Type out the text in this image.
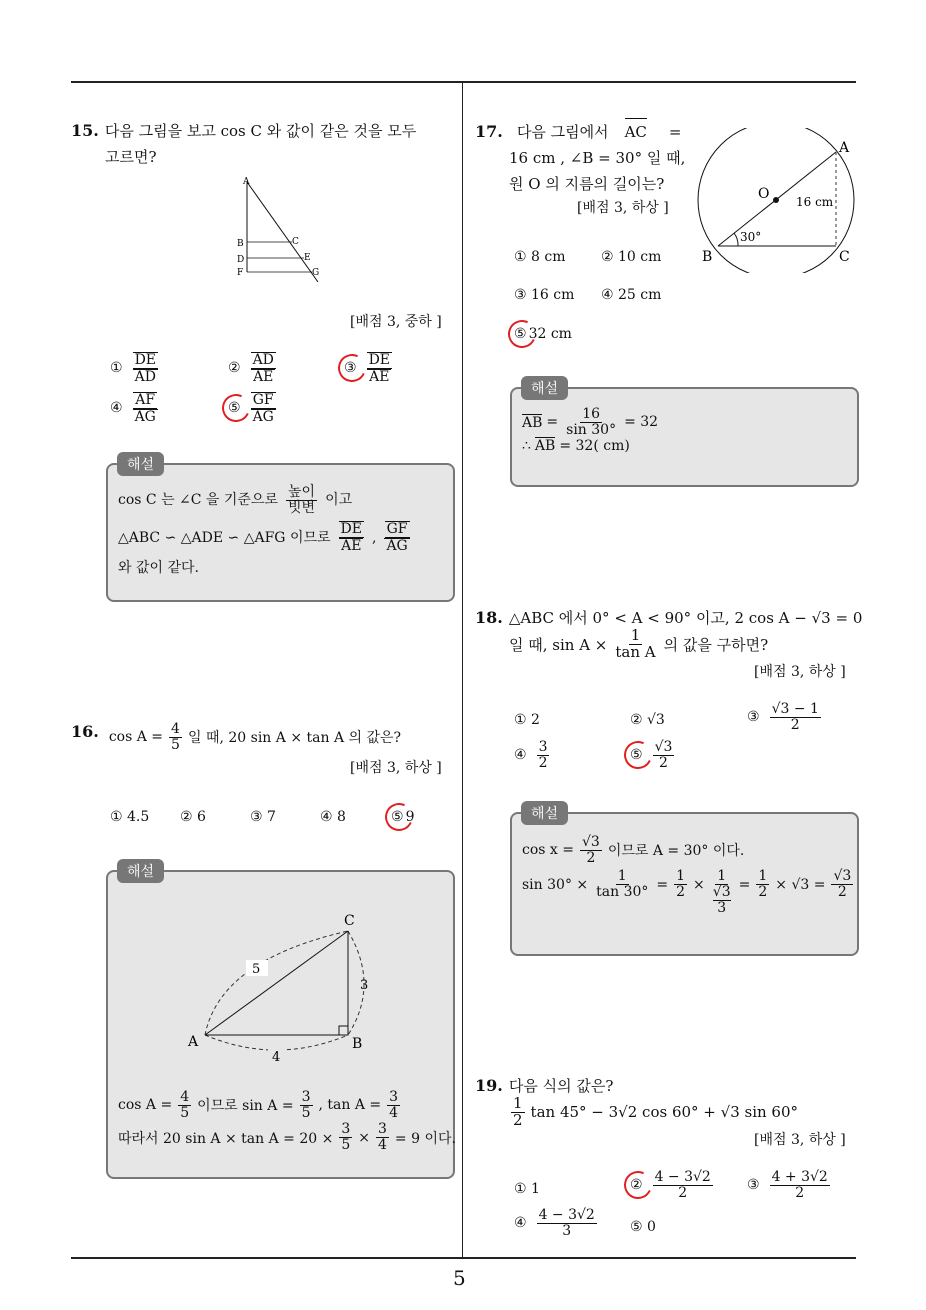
15. 다음 그림을 보고 cos C 와 값이 같은 것을 모두
고르면?
A
B	C
D	E
F	G
[배점 3, 중하 ]
① $\frac{DE}{AD}$	② $\frac{AD}{AE}$	③ $\frac{DE}{AE}$
④ $\frac{AF}{AG}$	⑤ $\frac{GF}{AG}$
해설
cos C 는 ∠C 을 기준으로 $\frac{\text{높이}}{\text{빗변}}$ 이고
△ABC ∽ △ADE ∽ △AFG 이므로 $\frac{DE}{AE}$ , $\frac{GF}{AG}$
와 값이 같다.
16. $\cos A = \frac{4}{5}$ 일 때, 20 sin A × tan A 의 값은?
[배점 3, 하상 ]
① 4.5 ② 6	③ 7	④ 8	⑤ 9
해설
5
3
4
A	B
C
$\cos A = \frac{4}{5}$ 이므로 $\sin A = \frac{3}{5}$ , $\tan A = \frac{3}{4}$
따라서 20 $\sin A \times \tan A = 20 \times \frac{3}{5} \times \frac{3}{4} = 9$ 이다.
17. 다음 그림에서 AC =
16 cm , ∠B = 30° 일 때,
원 O 의 지름의 길이는?
[배점 3, 하상 ]
A
B	C
O 16 cm
30°
① 8 cm	② 10 cm
③ 16 cm ④ 25 cm
⑤ 32 cm
해설
AB = $\frac{16}{\sin 30^\circ} = 32$
∴ AB = 32( cm)
18. △ABC 에서 0° < A < 90° 이고, 2 cos A − √3 = 0
일 때, $\sin A \times \frac{1}{\text{tan A}}$ 의 값을 구하면?
[배점 3, 하상 ]
① 2	② √3	③ $\frac{√3 - 1}{2}$
④ $\frac{3}{2}$	⑤ $\frac{√3}{2}$
해설
$\cos x = \frac{√3}{2}$ 이므로 A = 30° 이다.
$\sin 30^\circ \times \frac{1}{\tan 30^\circ} = \frac{1}{2} \times \frac{1}{\frac{√3}{3}} = \frac{1}{2} \times √3 = \frac{√3}{2}$
19. 다음 식의 값은?
$\frac{1}{2}$ tan 45° − 3√2 cos 60° + √3 sin 60°
[배점 3, 하상 ]
① 1	② $\frac{4 - 3√2}{2}$ ③ $\frac{4 + 3√2}{2}$
④ $\frac{4 - 3√2}{3}$ ⑤ 0
5
